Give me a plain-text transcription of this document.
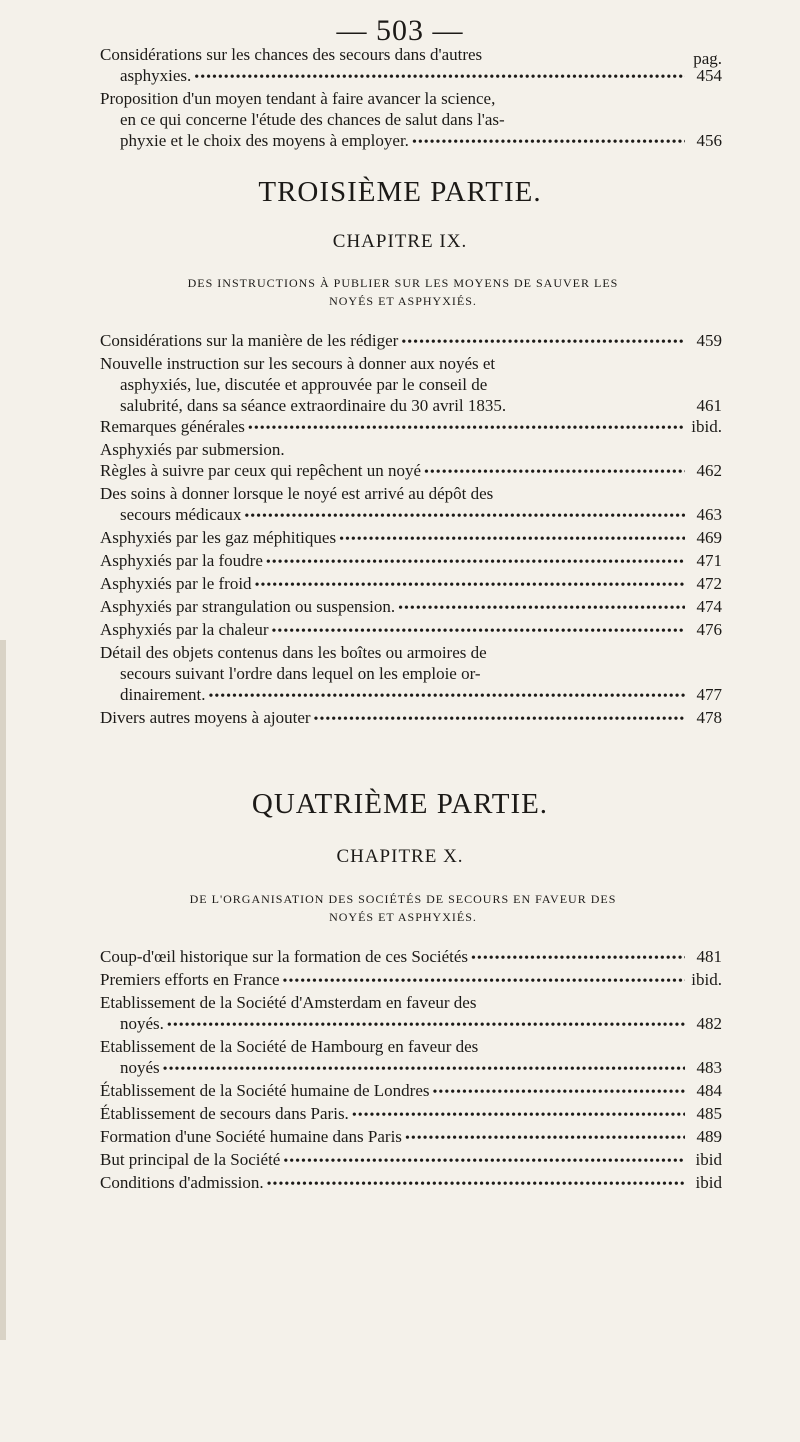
— 503 —
pag.
Considérations sur les chances des secours dans d'autres
asphyxies. •••••	454
Proposition d'un moyen tendant à faire avancer la science,
en ce qui concerne l'étude des chances de salut dans l'as-
phyxie et le choix des moyens à employer. •••••	456
TROISIÈME PARTIE.
CHAPITRE IX.
DES INSTRUCTIONS À PUBLIER SUR LES MOYENS DE SAUVER LES
NOYÉS ET ASPHYXIÉS.
Considérations sur la manière de les rédiger •••••	459
Nouvelle instruction sur les secours à donner aux noyés et
asphyxiés, lue, discutée et approuvée par le conseil de
salubrité, dans sa séance extraordinaire du 30 avril 1835.	461
Remarques générales •••••	ibid.
Asphyxiés par submersion.
Règles à suivre par ceux qui repêchent un noyé •••••	462
Des soins à donner lorsque le noyé est arrivé au dépôt des
secours médicaux •••••	463
Asphyxiés par les gaz méphitiques •••••	469
Asphyxiés par la foudre •••••	471
Asphyxiés par le froid •••••	472
Asphyxiés par strangulation ou suspension. •••••	474
Asphyxiés par la chaleur •••••	476
Détail des objets contenus dans les boîtes ou armoires de
secours suivant l'ordre dans lequel on les emploie or-
dinairement. •••••	477
Divers autres moyens à ajouter •••••	478
QUATRIÈME PARTIE.
CHAPITRE X.
DE L'ORGANISATION DES SOCIÉTÉS DE SECOURS EN FAVEUR DES
NOYÉS ET ASPHYXIÉS.
Coup-d'œil historique sur la formation de ces Sociétés •••••	481
Premiers efforts en France •••••	ibid.
Etablissement de la Société d'Amsterdam en faveur des
noyés. •••••	482
Etablissement de la Société de Hambourg en faveur des
noyés •••••	483
Établissement de la Société humaine de Londres •••••	484
Établissement de secours dans Paris. •••••	485
Formation d'une Société humaine dans Paris •••••	489
But principal de la Société •••••	ibid
Conditions d'admission. •••••	ibid
